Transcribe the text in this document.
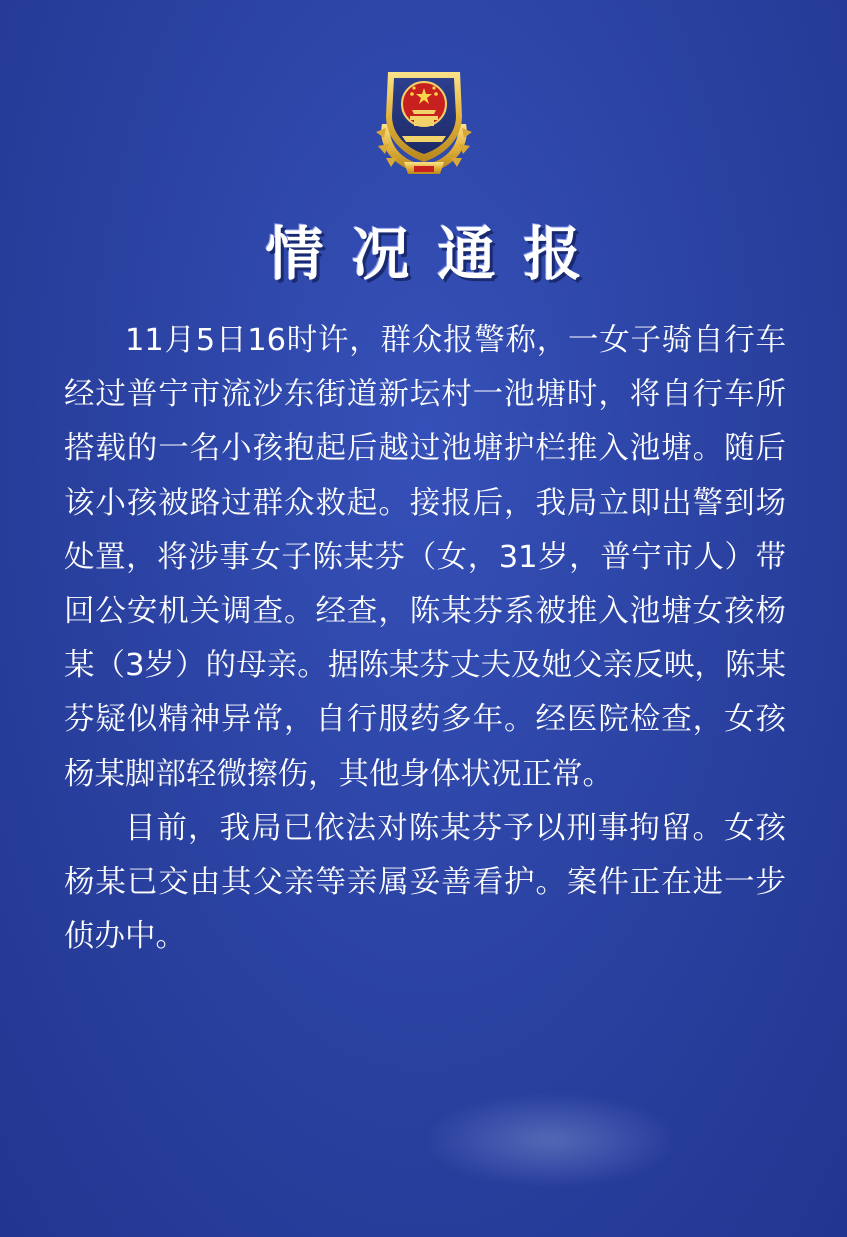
情况通报

11月5日16时许，群众报警称，一女子骑自行车经过普宁市流沙东街道新坛村一池塘时，将自行车所搭载的一名小孩抱起后越过池塘护栏推入池塘。随后该小孩被路过群众救起。接报后，我局立即出警到场处置，将涉事女子陈某芬（女，31岁，普宁市人）带回公安机关调查。经查，陈某芬系被推入池塘女孩杨某（3岁）的母亲。据陈某芬丈夫及她父亲反映，陈某芬疑似精神异常，自行服药多年。经医院检查，女孩杨某脚部轻微擦伤，其他身体状况正常。

目前，我局已依法对陈某芬予以刑事拘留。女孩杨某已交由其父亲等亲属妥善看护。案件正在进一步侦办中。
